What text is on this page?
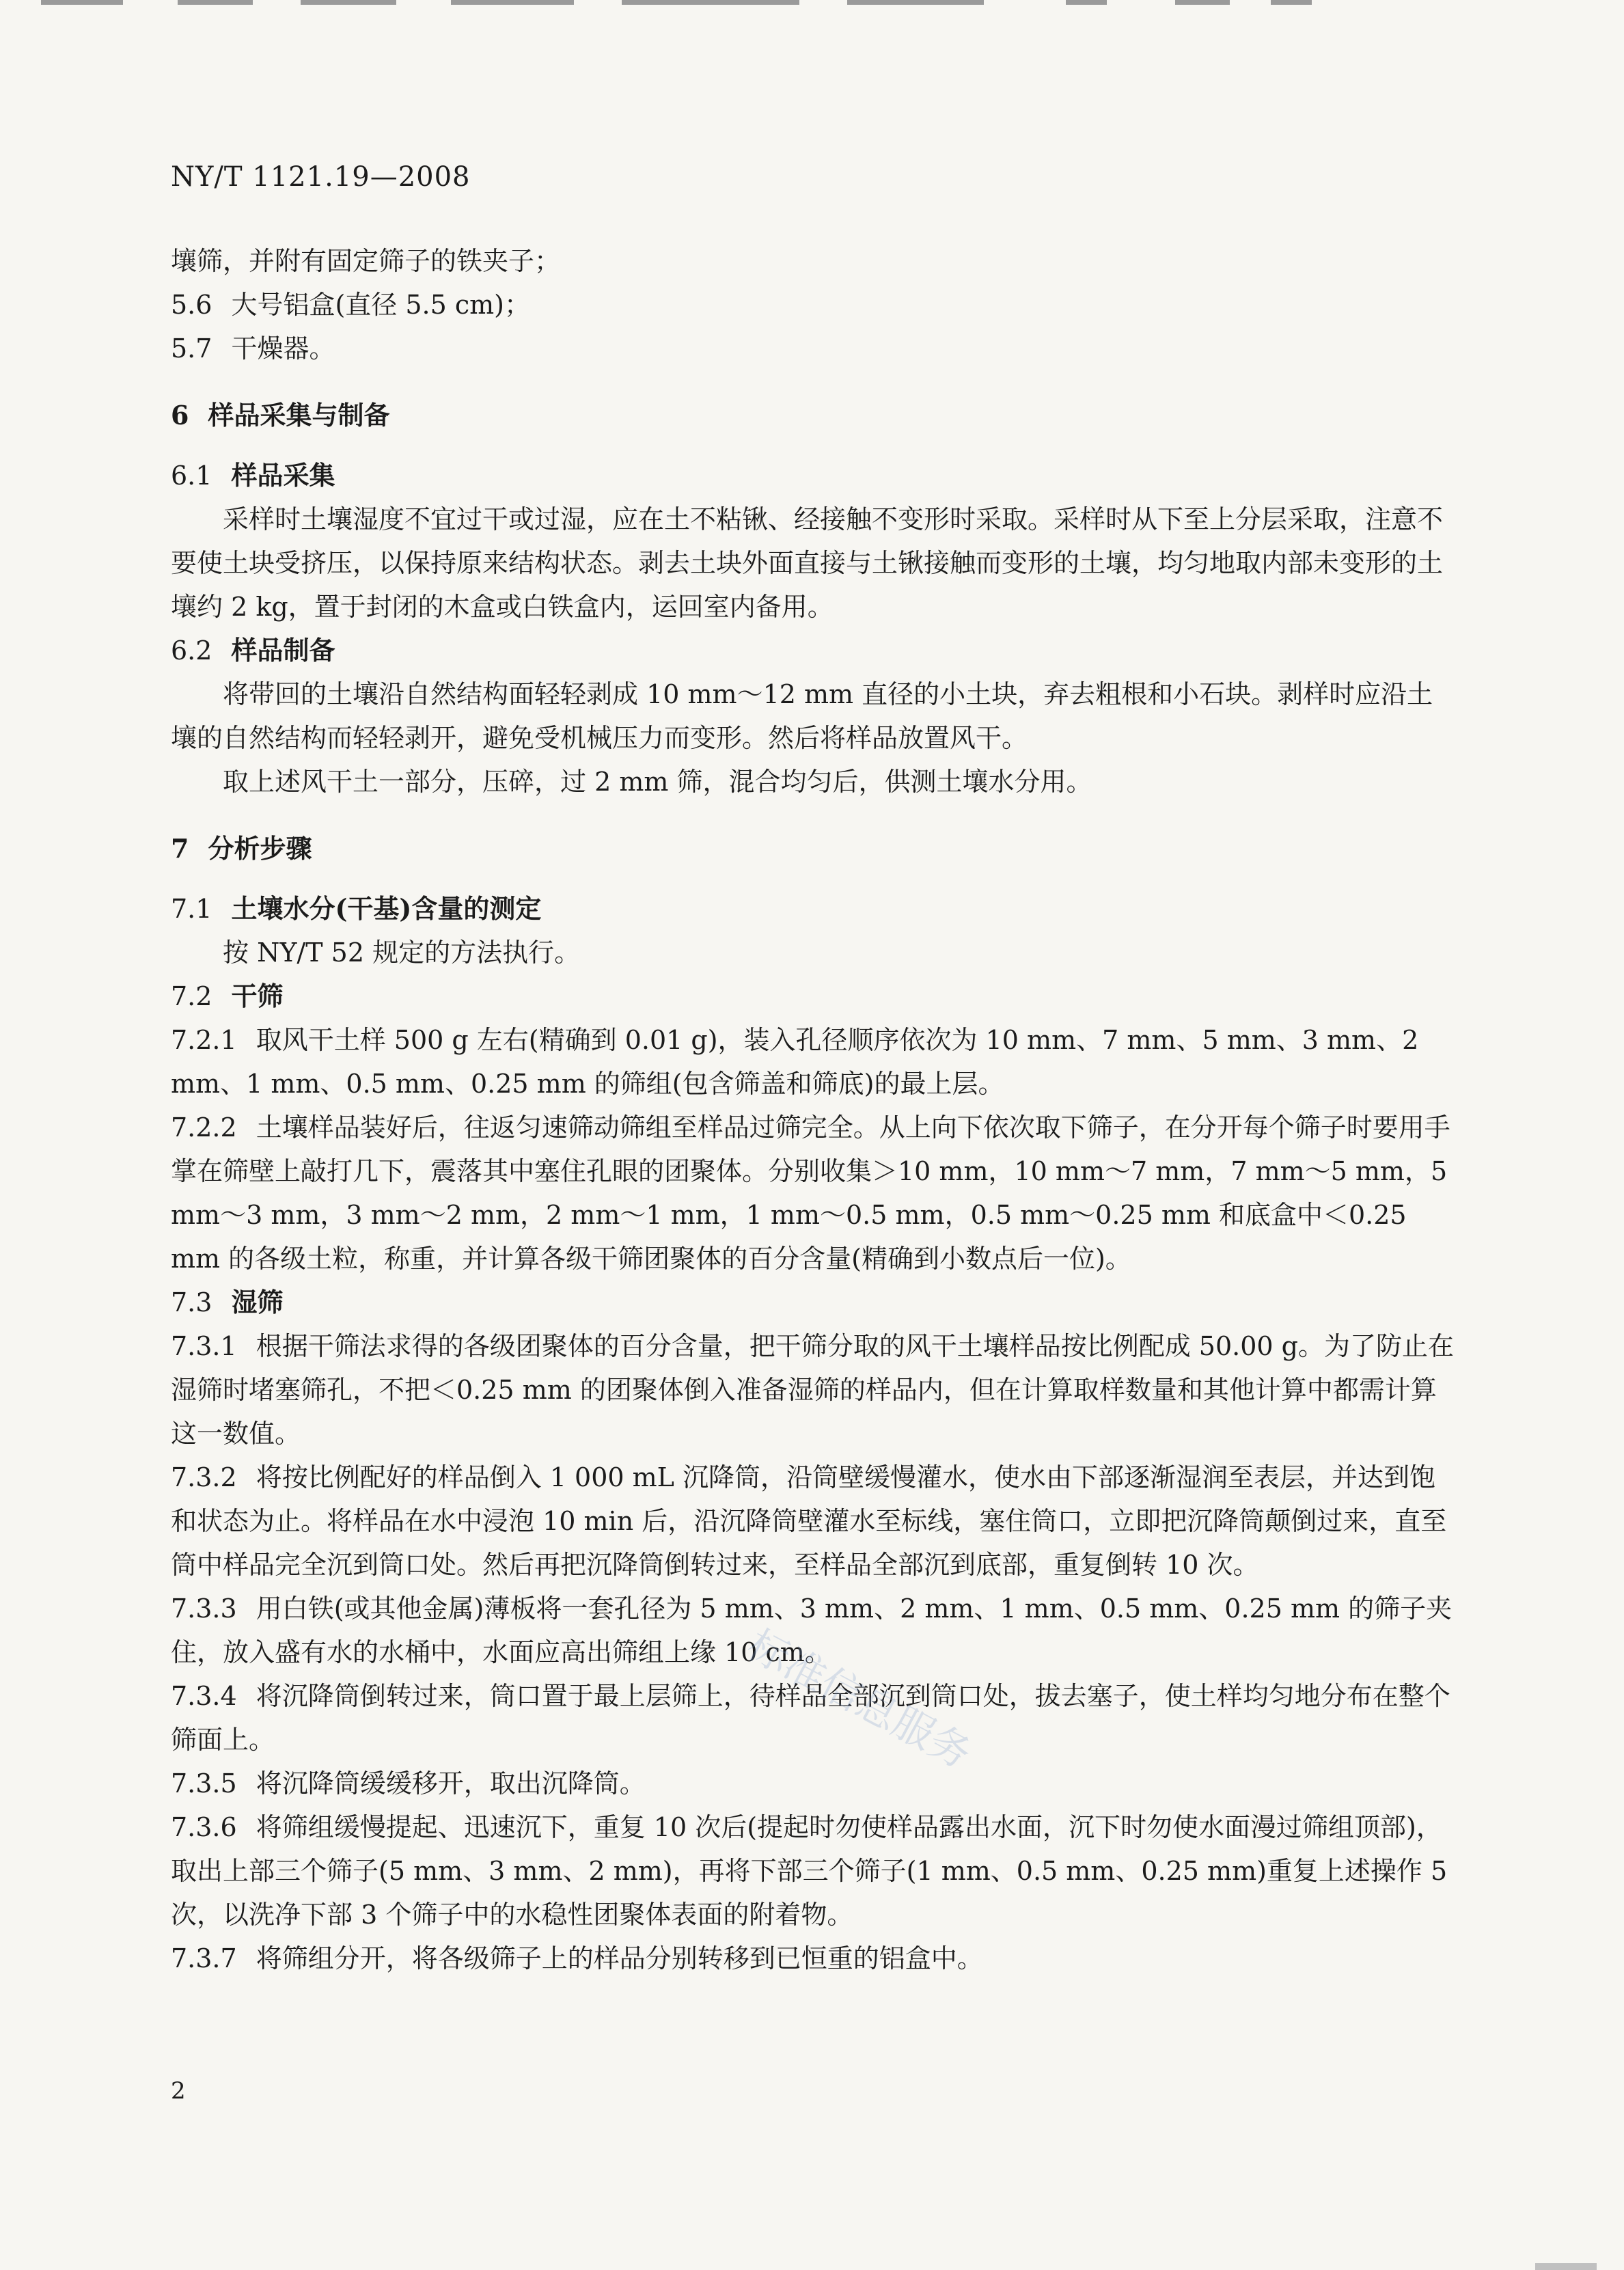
NY/T 1121.19—2008

壤筛，并附有固定筛子的铁夹子；

5.6 大号铝盒(直径 5.5 cm)；

5.7 干燥器。

6 样品采集与制备

6.1 样品采集

采样时土壤湿度不宜过干或过湿，应在土不粘锹、经接触不变形时采取。采样时从下至上分层采取，注意不要使土块受挤压，以保持原来结构状态。剥去土块外面直接与土锹接触而变形的土壤，均匀地取内部未变形的土壤约 2 kg，置于封闭的木盒或白铁盒内，运回室内备用。

6.2 样品制备

将带回的土壤沿自然结构面轻轻剥成 10 mm～12 mm 直径的小土块，弃去粗根和小石块。剥样时应沿土壤的自然结构而轻轻剥开，避免受机械压力而变形。然后将样品放置风干。

取上述风干土一部分，压碎，过 2 mm 筛，混合均匀后，供测土壤水分用。

7 分析步骤

7.1 土壤水分(干基)含量的测定

按 NY/T 52 规定的方法执行。

7.2 干筛

7.2.1 取风干土样 500 g 左右(精确到 0.01 g)，装入孔径顺序依次为 10 mm、7 mm、5 mm、3 mm、2 mm、1 mm、0.5 mm、0.25 mm 的筛组(包含筛盖和筛底)的最上层。

7.2.2 土壤样品装好后，往返匀速筛动筛组至样品过筛完全。从上向下依次取下筛子，在分开每个筛子时要用手掌在筛壁上敲打几下，震落其中塞住孔眼的团聚体。分别收集＞10 mm，10 mm～7 mm，7 mm～5 mm，5 mm～3 mm，3 mm～2 mm，2 mm～1 mm，1 mm～0.5 mm，0.5 mm～0.25 mm 和底盒中＜0.25 mm 的各级土粒，称重，并计算各级干筛团聚体的百分含量(精确到小数点后一位)。

7.3 湿筛

7.3.1 根据干筛法求得的各级团聚体的百分含量，把干筛分取的风干土壤样品按比例配成 50.00 g。为了防止在湿筛时堵塞筛孔，不把＜0.25 mm 的团聚体倒入准备湿筛的样品内，但在计算取样数量和其他计算中都需计算这一数值。

7.3.2 将按比例配好的样品倒入 1 000 mL 沉降筒，沿筒壁缓慢灌水，使水由下部逐渐湿润至表层，并达到饱和状态为止。将样品在水中浸泡 10 min 后，沿沉降筒壁灌水至标线，塞住筒口，立即把沉降筒颠倒过来，直至筒中样品完全沉到筒口处。然后再把沉降筒倒转过来，至样品全部沉到底部，重复倒转 10 次。

7.3.3 用白铁(或其他金属)薄板将一套孔径为 5 mm、3 mm、2 mm、1 mm、0.5 mm、0.25 mm 的筛子夹住，放入盛有水的水桶中，水面应高出筛组上缘 10 cm。

7.3.4 将沉降筒倒转过来，筒口置于最上层筛上，待样品全部沉到筒口处，拔去塞子，使土样均匀地分布在整个筛面上。

7.3.5 将沉降筒缓缓移开，取出沉降筒。

7.3.6 将筛组缓慢提起、迅速沉下，重复 10 次后(提起时勿使样品露出水面，沉下时勿使水面漫过筛组顶部)，取出上部三个筛子(5 mm、3 mm、2 mm)，再将下部三个筛子(1 mm、0.5 mm、0.25 mm)重复上述操作 5 次，以洗净下部 3 个筛子中的水稳性团聚体表面的附着物。

7.3.7 将筛组分开，将各级筛子上的样品分别转移到已恒重的铝盒中。

标准信息服务
2
